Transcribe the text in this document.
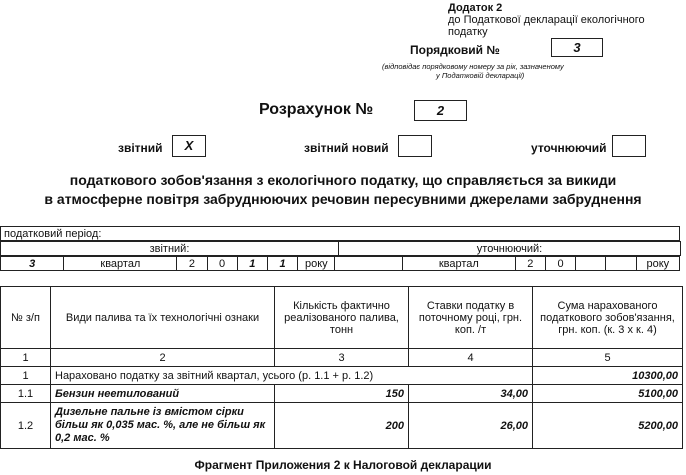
Додаток 2
до Податкової декларації екологічного податку
Порядковий №	3
(відповідає порядковому номеру за рік, зазначеному
у Податковій декларації)
Розрахунок №	2
звітний	X	звітний новий	уточнюючий
податкового зобов'язання з екологічного податку, що справляється за викиди
в атмосферне повітря забруднюючих речовин пересувними джерелами забруднення
податковий період:
звітний:	уточнюючий:
3	квартал	2	0	1	1	року		квартал	2	0			року
№ з/п	Види палива та їх технологічні ознаки	Кількість фактично реалізованого палива, тонн	Ставки податку в поточному році, грн. коп. /т	Сума нарахованого податкового зобов'язання, грн. коп. (к. 3 х к. 4)
1	2	3	4	5
1	Нараховано податку за звітний квартал, усього (р. 1.1 + р. 1.2)			10300,00
1.1	Бензин неетилований	150	34,00	5100,00
1.2	Дизельне пальне із вмістом сірки більш як 0,035 мас. %, але не більш як 0,2 мас. %	200	26,00	5200,00
Фрагмент Приложения 2 к Налоговой декларации
